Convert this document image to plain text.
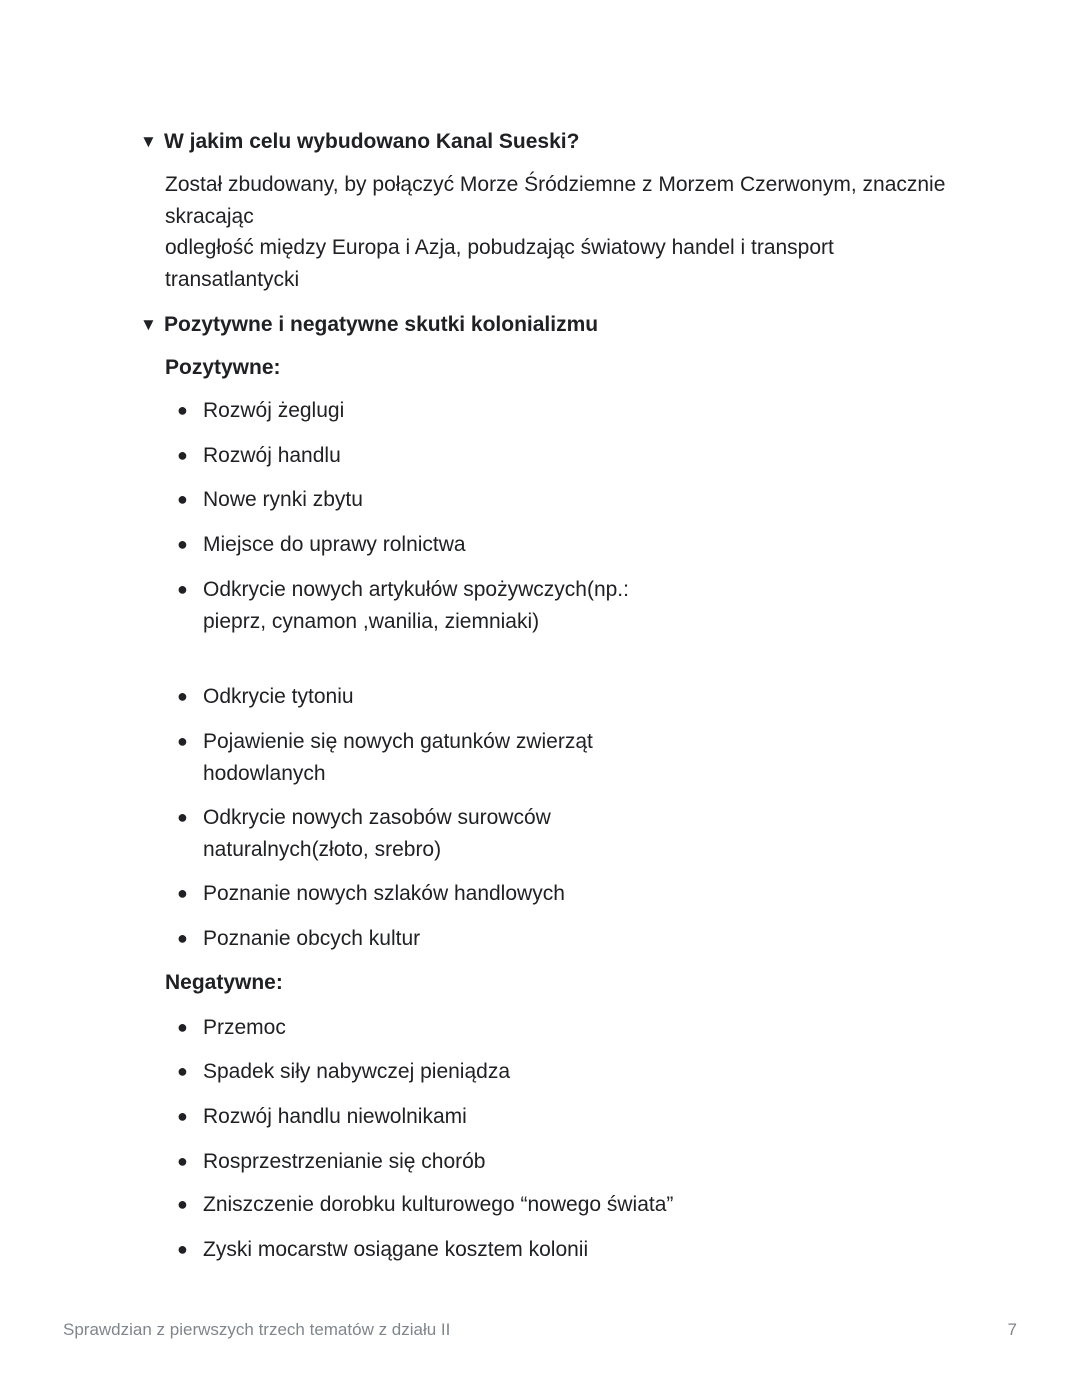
▼ W jakim celu wybudowano Kanal Sueski?
Został zbudowany, by połączyć Morze Śródziemne z Morzem Czerwonym, znacznie
skracając
odległość między Europa i Azja, pobudzając światowy handel i transport
transatlantycki
▼ Pozytywne i negatywne skutki kolonializmu
Pozytywne:
● Rozwój żeglugi
● Rozwój handlu
● Nowe rynki zbytu
● Miejsce do uprawy rolnictwa
● Odkrycie nowych artykułów spożywczych(np.: pieprz, cynamon ,wanilia, ziemniaki)
● Odkrycie tytoniu
● Pojawienie się nowych gatunków zwierząt hodowlanych
● Odkrycie nowych zasobów surowców naturalnych(złoto, srebro)
● Poznanie nowych szlaków handlowych
● Poznanie obcych kultur
Negatywne:
● Przemoc
● Spadek siły nabywczej pieniądza
● Rozwój handlu niewolnikami
● Rosprzestrzenianie się chorób
● Zniszczenie dorobku kulturowego “nowego świata”
● Zyski mocarstw osiągane kosztem kolonii
Sprawdzian z pierwszych trzech tematów z działu II	7
